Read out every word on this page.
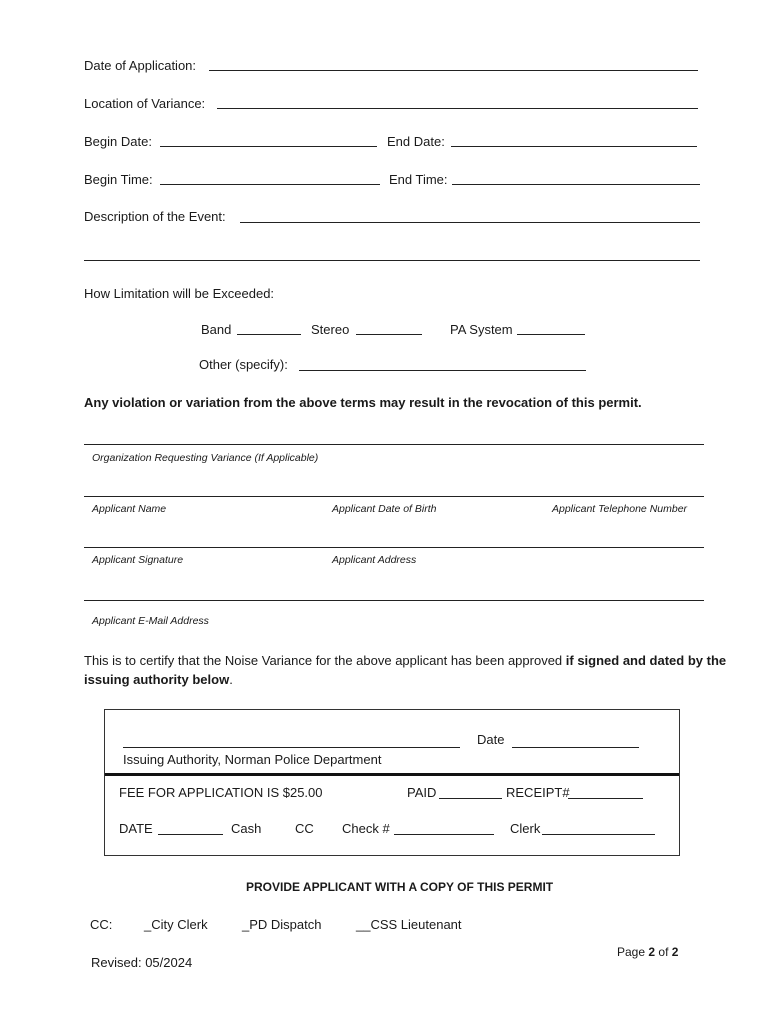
Date of Application:
Location of Variance:
Begin Date:	End Date:
Begin Time:	End Time:
Description of the Event:
How Limitation will be Exceeded:
Band	Stereo	PA System
Other (specify):
Any violation or variation from the above terms may result in the revocation of this permit.
Organization Requesting Variance (If Applicable)
Applicant Name	Applicant Date of Birth	Applicant Telephone Number
Applicant Signature	Applicant Address
Applicant E-Mail Address
This is to certify that the Noise Variance for the above applicant has been approved if signed and dated by the issuing authority below.
Date
Issuing Authority, Norman Police Department
FEE FOR APPLICATION IS $25.00	PAID	RECEIPT#
DATE	Cash	CC Check #	Clerk
PROVIDE APPLICANT WITH A COPY OF THIS PERMIT
CC: _City Clerk	_PD Dispatch	__CSS Lieutenant
Page 2 of 2
Revised: 05/2024
